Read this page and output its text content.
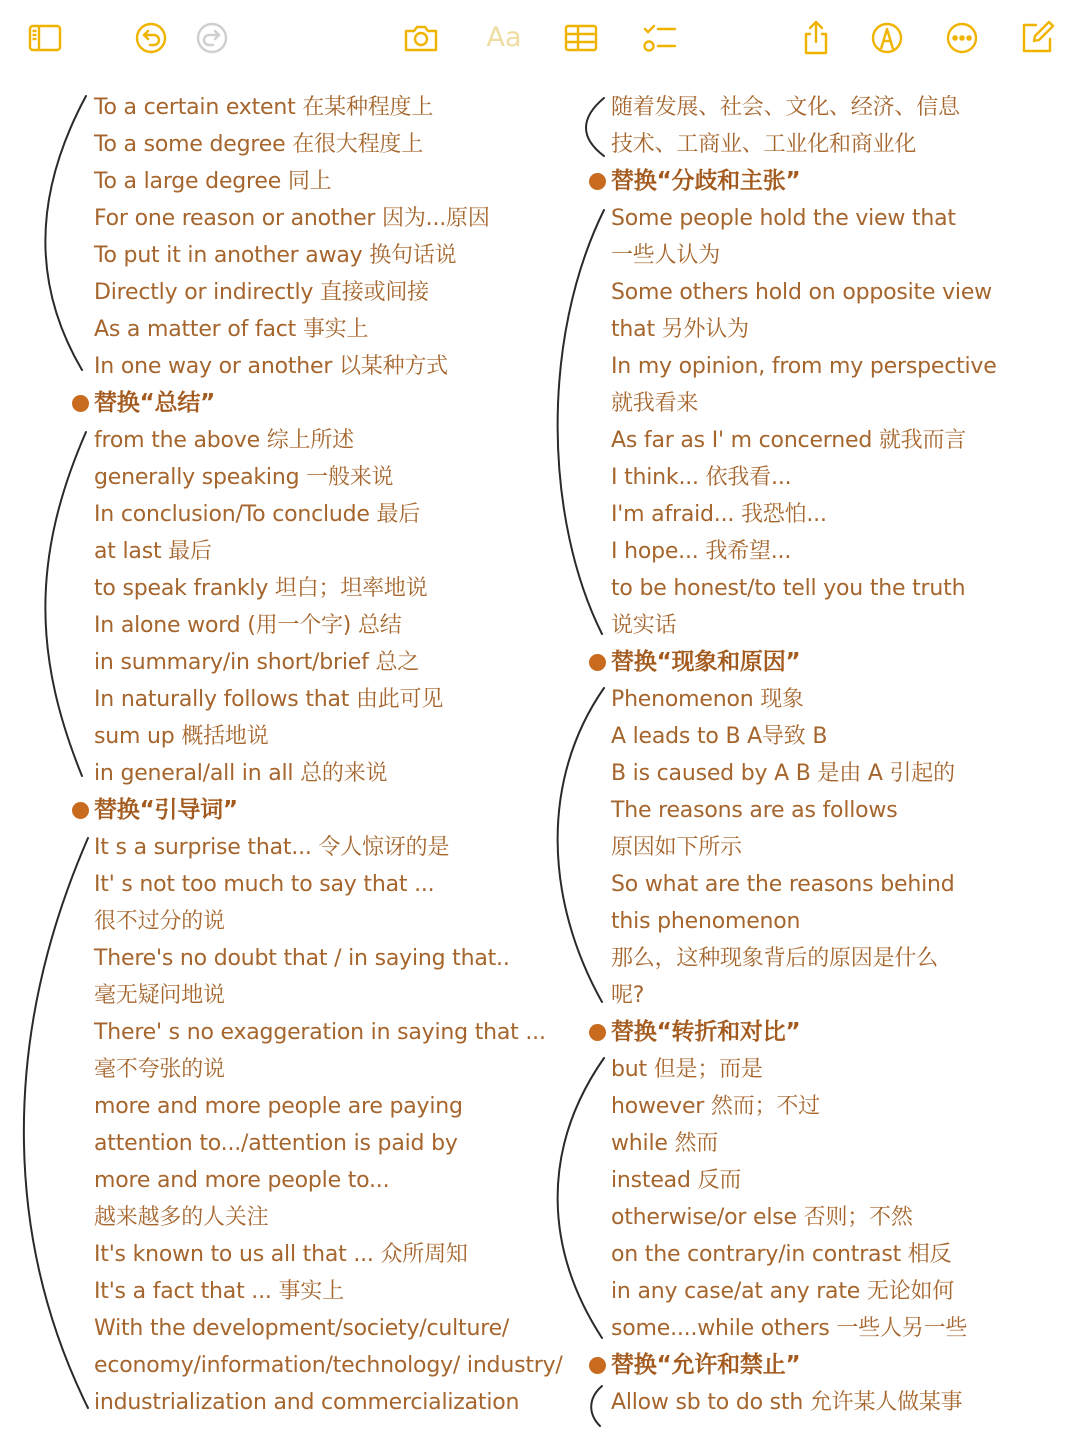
Aa
To a certain extent 在某种程度上
To a some degree 在很大程度上
To a large degree 同上
For one reason or another 因为...原因
To put it in another away 换句话说
Directly or indirectly 直接或间接
As a matter of fact 事实上
In one way or another 以某种方式
替换“总结”
from the above 综上所述
generally speaking 一般来说
In conclusion/To conclude 最后
at last 最后
to speak frankly 坦白；坦率地说
In alone word (用一个字) 总结
in summary/in short/brief 总之
In naturally follows that 由此可见
sum up 概括地说
in general/all in all 总的来说
替换“引导词”
It s a surprise that... 令人惊讶的是
It' s not too much to say that ...
很不过分的说
There's no doubt that / in saying that..
毫无疑问地说
There' s no exaggeration in saying that ...
毫不夸张的说
more and more people are paying
attention to.../attention is paid by
more and more people to...
越来越多的人关注
It's known to us all that ... 众所周知
It's a fact that ... 事实上
With the development/society/culture/
economy/information/technology/ industry/
industrialization and commercialization
随着发展、社会、文化、经济、信息
技术、工商业、工业化和商业化
替换“分歧和主张”
Some people hold the view that
一些人认为
Some others hold on opposite view
that 另外认为
In my opinion, from my perspective
就我看来
As far as I' m concerned 就我而言
I think... 依我看...
I'm afraid... 我恐怕...
I hope... 我希望...
to be honest/to tell you the truth
说实话
替换“现象和原因”
Phenomenon 现象
A leads to B A导致 B
B is caused by A B 是由 A 引起的
The reasons are as follows
原因如下所示
So what are the reasons behind
this phenomenon
那么，这种现象背后的原因是什么
呢?
替换“转折和对比”
but 但是；而是
however 然而；不过
while 然而
instead 反而
otherwise/or else 否则；不然
on the contrary/in contrast 相反
in any case/at any rate 无论如何
some....while others 一些人另一些
替换“允许和禁止”
Allow sb to do sth 允许某人做某事
